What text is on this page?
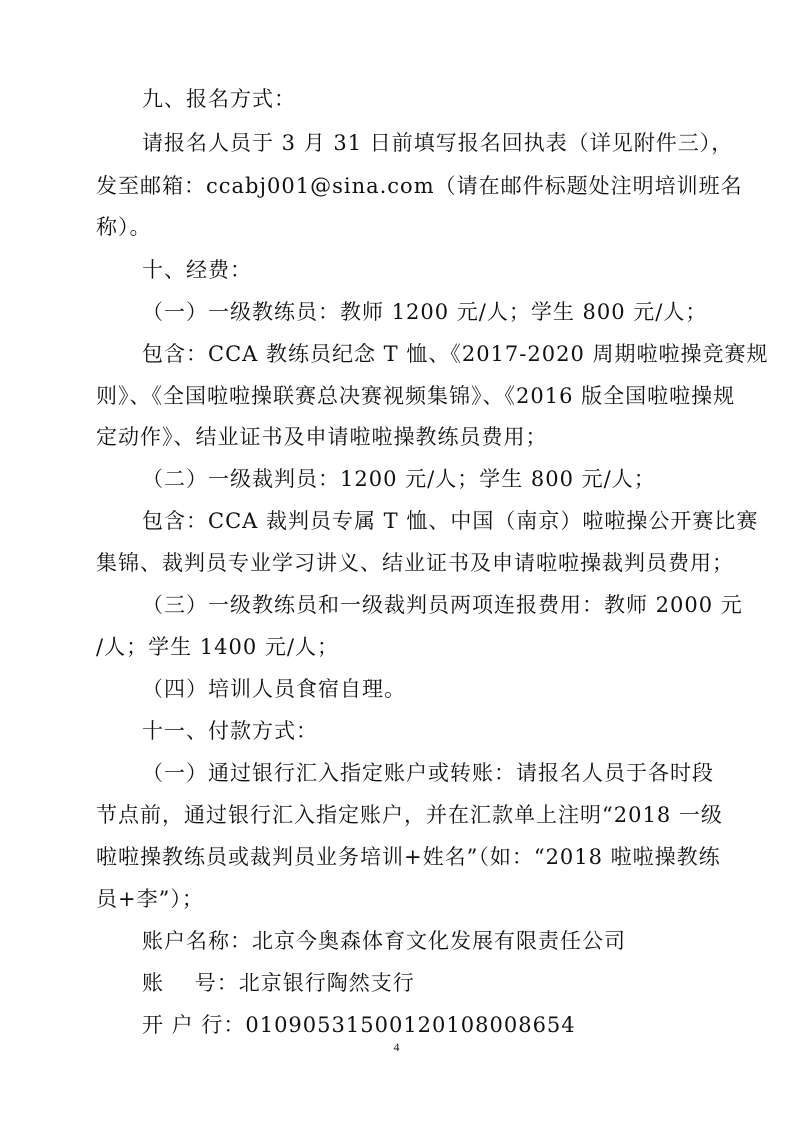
九、报名方式：
请报名人员于 3 月 31 日前填写报名回执表（详见附件三），
发至邮箱：ccabj001@sina.com（请在邮件标题处注明培训班名
称）。
十、经费：
（一）一级教练员：教师 1200 元/人；学生 800 元/人；
包含：CCA 教练员纪念 T 恤、《2017-2020 周期啦啦操竞赛规
则》、《全国啦啦操联赛总决赛视频集锦》、《2016 版全国啦啦操规
定动作》、结业证书及申请啦啦操教练员费用；
（二）一级裁判员：1200 元/人；学生 800 元/人；
包含：CCA 裁判员专属 T 恤、中国（南京）啦啦操公开赛比赛
集锦、裁判员专业学习讲义、结业证书及申请啦啦操裁判员费用；
（三）一级教练员和一级裁判员两项连报费用：教师 2000 元
/人；学生 1400 元/人；
（四）培训人员食宿自理。
十一、付款方式：
（一）通过银行汇入指定账户或转账：请报名人员于各时段
节点前，通过银行汇入指定账户，并在汇款单上注明“2018 一级
啦啦操教练员或裁判员业务培训+姓名”（如：“2018 啦啦操教练
员+李”）；
账户名称：北京今奥森体育文化发展有限责任公司
账    号：北京银行陶然支行
开 户 行：01090531500120108008654
4
